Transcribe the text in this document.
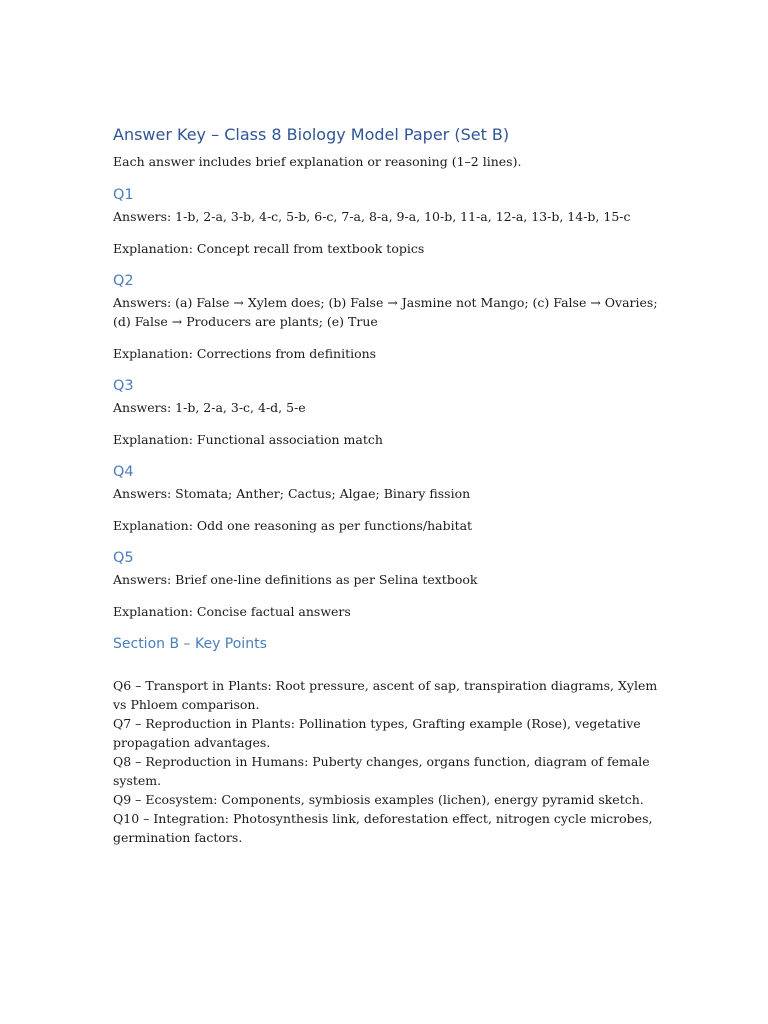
Answer Key – Class 8 Biology Model Paper (Set B)

Each answer includes brief explanation or reasoning (1–2 lines).

Q1

Answers: 1-b, 2-a, 3-b, 4-c, 5-b, 6-c, 7-a, 8-a, 9-a, 10-b, 11-a, 12-a, 13-b, 14-b, 15-c

Explanation: Concept recall from textbook topics

Q2

Answers: (a) False → Xylem does; (b) False → Jasmine not Mango; (c) False → Ovaries; (d) False → Producers are plants; (e) True

Explanation: Corrections from definitions

Q3

Answers: 1-b, 2-a, 3-c, 4-d, 5-e

Explanation: Functional association match

Q4

Answers: Stomata; Anther; Cactus; Algae; Binary fission

Explanation: Odd one reasoning as per functions/habitat

Q5

Answers: Brief one-line definitions as per Selina textbook

Explanation: Concise factual answers

Section B – Key Points

Q6 – Transport in Plants: Root pressure, ascent of sap, transpiration diagrams, Xylem vs Phloem comparison.

Q7 – Reproduction in Plants: Pollination types, Grafting example (Rose), vegetative propagation advantages.

Q8 – Reproduction in Humans: Puberty changes, organs function, diagram of female system.

Q9 – Ecosystem: Components, symbiosis examples (lichen), energy pyramid sketch.

Q10 – Integration: Photosynthesis link, deforestation effect, nitrogen cycle microbes, germination factors.
